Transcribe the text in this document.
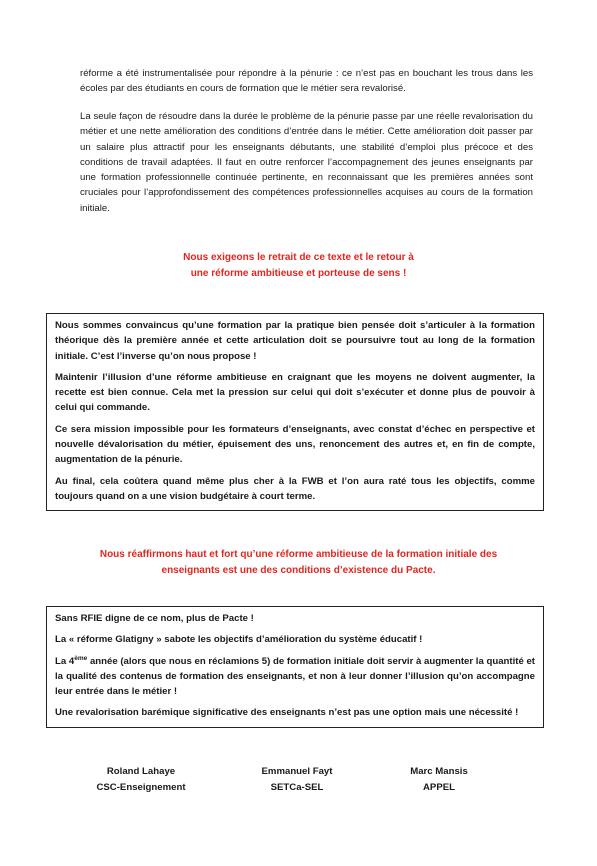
réforme a été instrumentalisée pour répondre à la pénurie : ce n’est pas en bouchant les trous dans les écoles par des étudiants en cours de formation que le métier sera revalorisé.

La seule façon de résoudre dans la durée le problème de la pénurie passe par une réelle revalorisation du métier et une nette amélioration des conditions d’entrée dans le métier. Cette amélioration doit passer par un salaire plus attractif pour les enseignants débutants, une stabilité d’emploi plus précoce et des conditions de travail adaptées. Il faut en outre renforcer l’accompagnement des jeunes enseignants par une formation professionnelle continuée pertinente, en reconnaissant que les premières années sont cruciales pour l’approfondissement des compétences professionnelles acquises au cours de la formation initiale.

Nous exigeons le retrait de ce texte et le retour à
une réforme ambitieuse et porteuse de sens !

Nous sommes convaincus qu’une formation par la pratique bien pensée doit s’articuler à la formation théorique dès la première année et cette articulation doit se poursuivre tout au long de la formation initiale. C’est l’inverse qu’on nous propose !

Maintenir l’illusion d’une réforme ambitieuse en craignant que les moyens ne doivent augmenter, la recette est bien connue. Cela met la pression sur celui qui doit s’exécuter et donne plus de pouvoir à celui qui commande.

Ce sera mission impossible pour les formateurs d’enseignants, avec constat d’échec en perspective et nouvelle dévalorisation du métier, épuisement des uns, renoncement des autres et, en fin de compte, augmentation de la pénurie.

Au final, cela coûtera quand même plus cher à la FWB et l’on aura raté tous les objectifs, comme toujours quand on a une vision budgétaire à court terme.

Nous réaffirmons haut et fort qu’une réforme ambitieuse de la formation initiale des
enseignants est une des conditions d’existence du Pacte.

Sans RFIE digne de ce nom, plus de Pacte !

La « réforme Glatigny » sabote les objectifs d’amélioration du système éducatif !

La 4ème année (alors que nous en réclamions 5) de formation initiale doit servir à augmenter la quantité et la qualité des contenus de formation des enseignants, et non à leur donner l’illusion qu’on accompagne leur entrée dans le métier !

Une revalorisation barémique significative des enseignants n’est pas une option mais une nécessité !

Roland Lahaye
CSC-Enseignement
Emmanuel Fayt
SETCa-SEL
Marc Mansis
APPEL
